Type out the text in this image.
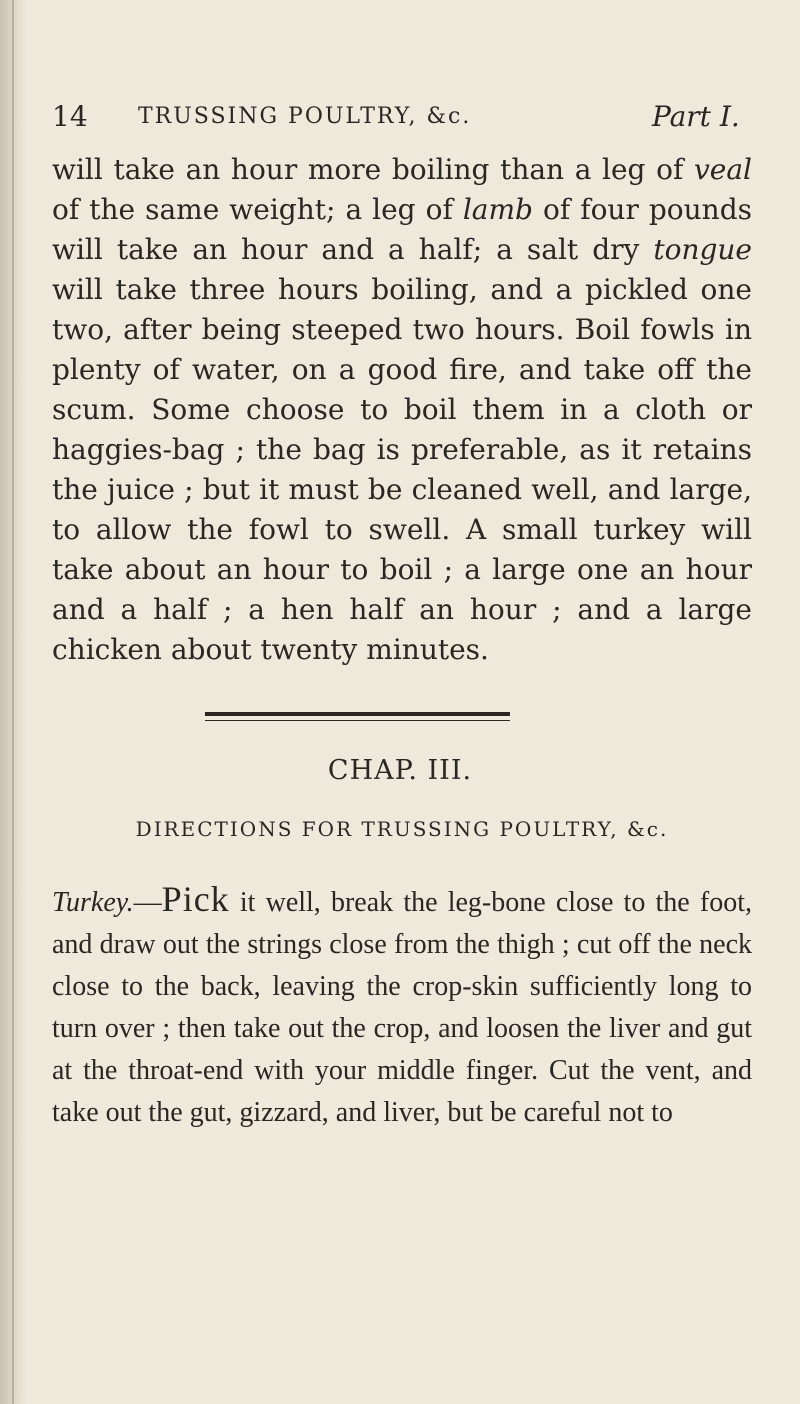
14 TRUSSING POULTRY, &c.	Part I.

will take an hour more boiling than a leg of veal of the same weight; a leg of lamb of four pounds will take an hour and a half; a salt dry tongue will take three hours boiling, and a pickled one two, after being steeped two hours. Boil fowls in plenty of water, on a good fire, and take off the scum. Some choose to boil them in a cloth or haggies-bag ; the bag is preferable, as it retains the juice ; but it must be cleaned well, and large, to allow the fowl to swell. A small turkey will take about an hour to boil ; a large one an hour and a half ; a hen half an hour ; and a large chicken about twenty minutes.

CHAP. III.
DIRECTIONS FOR TRUSSING POULTRY, &c.

Turkey.—Pick it well, break the leg-bone close to the foot, and draw out the strings close from the thigh ; cut off the neck close to the back, leaving the crop-skin sufficiently long to turn over ; then take out the crop, and loosen the liver and gut at the throat-end with your middle finger. Cut the vent, and take out the gut, gizzard, and liver, but be careful not to
